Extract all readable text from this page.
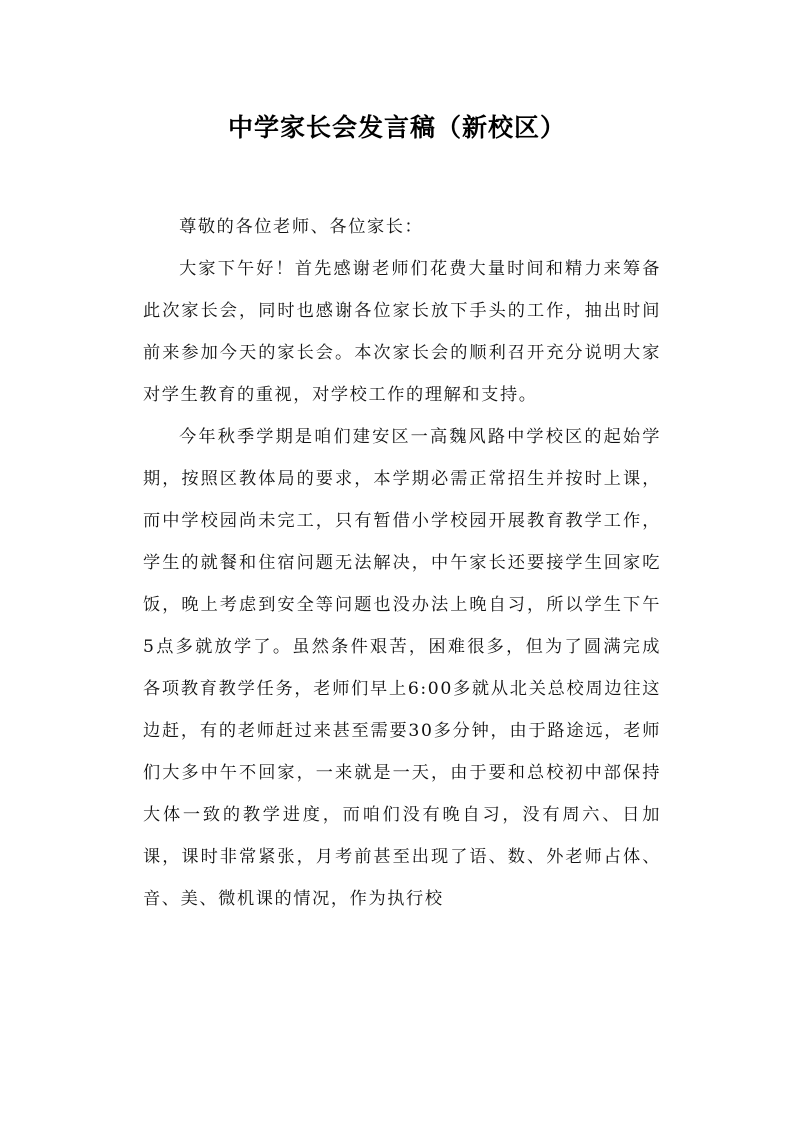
中学家长会发言稿（新校区）

尊敬的各位老师、各位家长：

大家下午好！首先感谢老师们花费大量时间和精力来筹备此次家长会，同时也感谢各位家长放下手头的工作，抽出时间前来参加今天的家长会。本次家长会的顺利召开充分说明大家对学生教育的重视，对学校工作的理解和支持。

今年秋季学期是咱们建安区一高魏风路中学校区的起始学期，按照区教体局的要求，本学期必需正常招生并按时上课，而中学校园尚未完工，只有暂借小学校园开展教育教学工作，学生的就餐和住宿问题无法解决，中午家长还要接学生回家吃饭，晚上考虑到安全等问题也没办法上晚自习，所以学生下午5点多就放学了。虽然条件艰苦，困难很多，但为了圆满完成各项教育教学任务，老师们早上6:00多就从北关总校周边往这边赶，有的老师赶过来甚至需要30多分钟，由于路途远，老师们大多中午不回家，一来就是一天，由于要和总校初中部保持大体一致的教学进度，而咱们没有晚自习，没有周六、日加课，课时非常紧张，月考前甚至出现了语、数、外老师占体、音、美、微机课的情况，作为执行校
